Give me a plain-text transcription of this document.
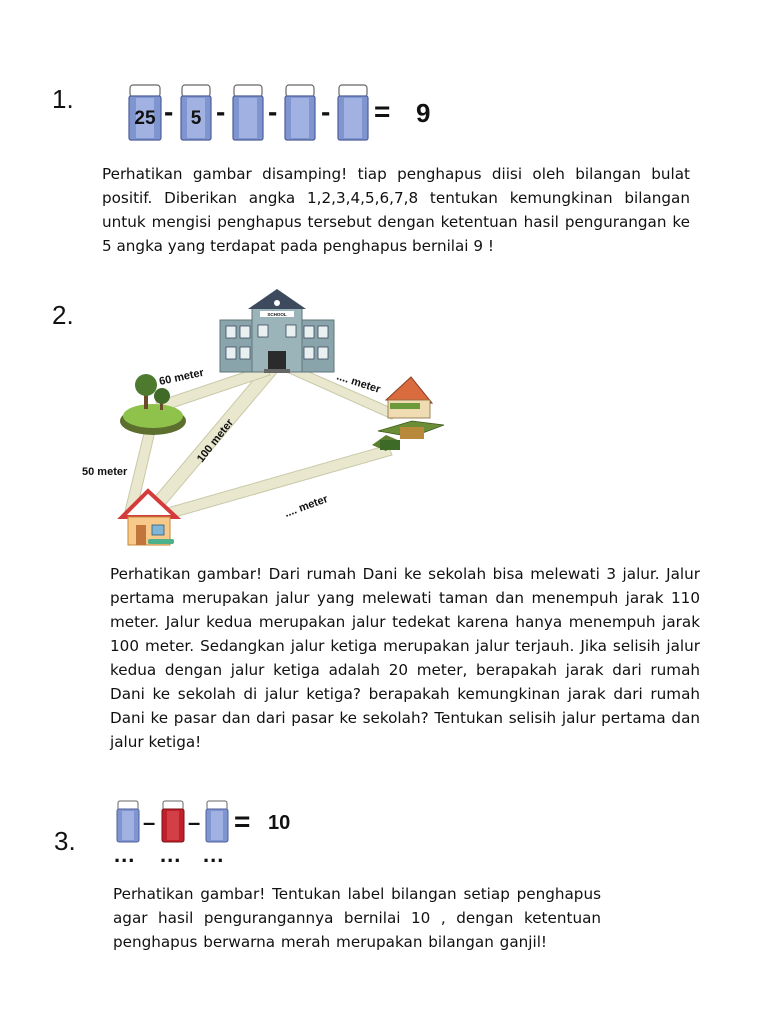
1.
25 - 5 - - - = 9

Perhatikan gambar disamping! tiap penghapus diisi oleh bilangan bulat positif. Diberikan angka 1,2,3,4,5,6,7,8 tentukan kemungkinan bilangan untuk mengisi penghapus tersebut dengan ketentuan hasil pengurangan ke 5 angka yang terdapat pada penghapus bernilai 9 !

2.	SCHOOL
60 meter
100 meter
50 meter
.... meter
.... meter

Perhatikan gambar! Dari rumah Dani ke sekolah bisa melewati 3 jalur. Jalur pertama merupakan jalur yang melewati taman dan menempuh jarak 110 meter. Jalur kedua merupakan jalur tedekat karena hanya menempuh jarak 100 meter. Sedangkan jalur ketiga merupakan jalur terjauh. Jika selisih jalur kedua dengan jalur ketiga adalah 20 meter, berapakah jarak dari rumah Dani ke sekolah di jalur ketiga? berapakah kemungkinan jarak dari rumah Dani ke pasar dan dari pasar ke sekolah? Tentukan selisih jalur pertama dan jalur ketiga!

3.
– – = 10
... ... ...

Perhatikan gambar! Tentukan label bilangan setiap penghapus agar hasil pengurangannya bernilai 10 , dengan ketentuan penghapus berwarna merah merupakan bilangan ganjil!
